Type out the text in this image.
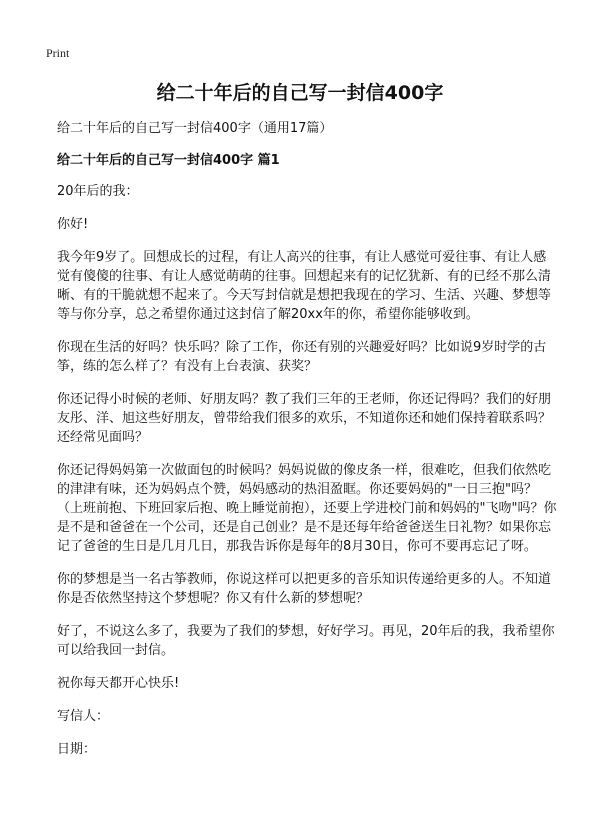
Print
给二十年后的自己写一封信400字

给二十年后的自己写一封信400字（通用17篇）

给二十年后的自己写一封信400字 篇1

20年后的我：

你好!

我今年9岁了。回想成长的过程，有让人高兴的往事，有让人感觉可爱往事、有让人感觉有傻傻的往事、有让人感觉萌萌的往事。回想起来有的记忆犹新、有的已经不那么清晰、有的干脆就想不起来了。今天写封信就是想把我现在的学习、生活、兴趣、梦想等等与你分享，总之希望你通过这封信了解20xx年的你，希望你能够收到。

你现在生活的好吗？快乐吗？除了工作，你还有别的兴趣爱好吗？比如说9岁时学的古筝，练的怎么样了？有没有上台表演、获奖？

你还记得小时候的老师、好朋友吗？教了我们三年的王老师，你还记得吗？我们的好朋友彤、洋、旭这些好朋友，曾带给我们很多的欢乐，不知道你还和她们保持着联系吗？还经常见面吗？

你还记得妈妈第一次做面包的时候吗？妈妈说做的像皮条一样，很难吃，但我们依然吃的津津有味，还为妈妈点个赞，妈妈感动的热泪盈眶。你还要妈妈的"一日三抱"吗？（上班前抱、下班回家后抱、晚上睡觉前抱），还要上学进校门前和妈妈的"飞吻"吗？你是不是和爸爸在一个公司，还是自己创业？是不是还每年给爸爸送生日礼物？如果你忘记了爸爸的生日是几月几日，那我告诉你是每年的8月30日，你可不要再忘记了呀。

你的梦想是当一名古筝教师，你说这样可以把更多的音乐知识传递给更多的人。不知道你是否依然坚持这个梦想呢？你又有什么新的梦想呢？

好了，不说这么多了，我要为了我们的梦想，好好学习。再见，20年后的我，我希望你可以给我回一封信。

祝你每天都开心快乐!

写信人：

日期：
